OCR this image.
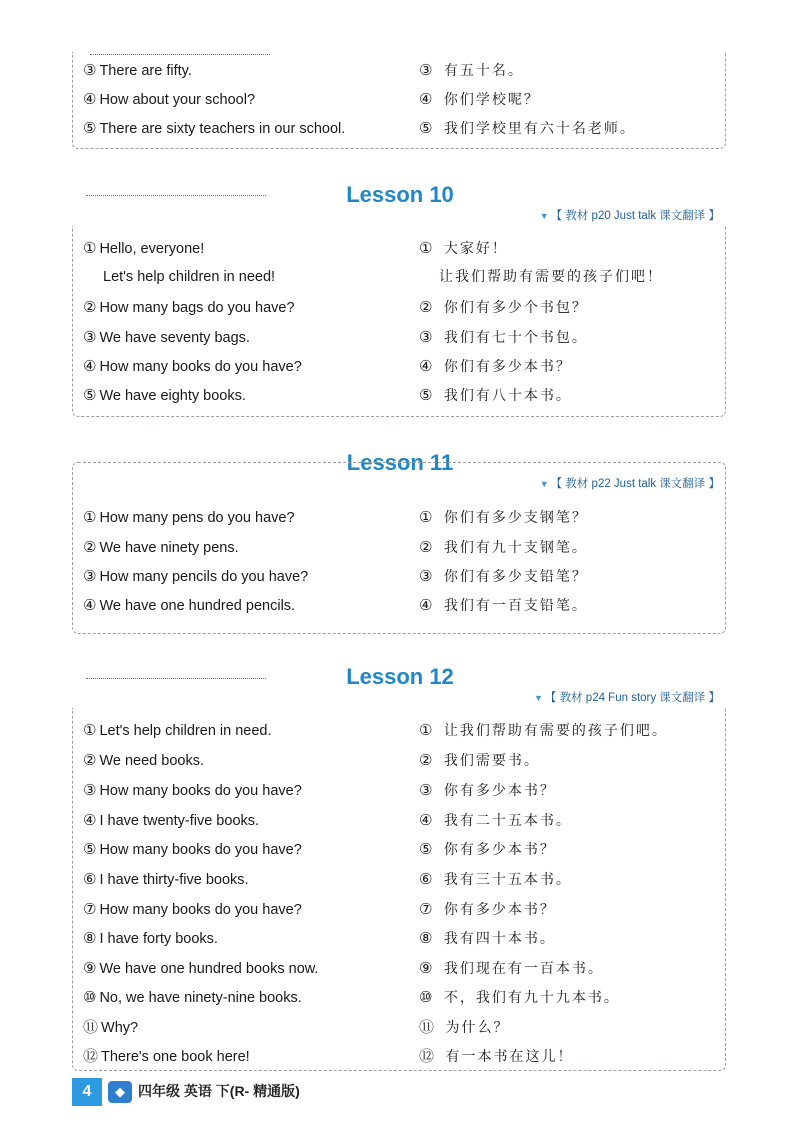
③ There are fifty.	③ 有五十名。
④ How about your school?	④ 你们学校呢？
⑤ There are sixty teachers in our school.	⑤ 我们学校里有六十名老师。
Lesson 10
▼ 【 教材 p20 Just talk 课文翻译 】
① Hello, everyone!	① 大家好！
Let's help children in need!	让我们帮助有需要的孩子们吧！
② How many bags do you have?	② 你们有多少个书包？
③ We have seventy bags.	③ 我们有七十个书包。
④ How many books do you have?	④ 你们有多少本书？
⑤ We have eighty books.	⑤ 我们有八十本书。
Lesson 11
▼ 【 教材 p22 Just talk 课文翻译 】
① How many pens do you have?	① 你们有多少支钢笔？
② We have ninety pens.	② 我们有九十支钢笔。
③ How many pencils do you have?	③ 你们有多少支铅笔？
④ We have one hundred pencils.	④ 我们有一百支铅笔。
Lesson 12
▼ 【 教材 p24 Fun story 课文翻译 】
① Let's help children in need.	① 让我们帮助有需要的孩子们吧。
② We need books.	② 我们需要书。
③ How many books do you have?	③ 你有多少本书？
④ I have twenty-five books.	④ 我有二十五本书。
⑤ How many books do you have?	⑤ 你有多少本书？
⑥ I have thirty-five books.	⑥ 我有三十五本书。
⑦ How many books do you have?	⑦ 你有多少本书？
⑧ I have forty books.	⑧ 我有四十本书。
⑨ We have one hundred books now.	⑨ 我们现在有一百本书。
⑩ No, we have ninety-nine books.	⑩ 不，我们有九十九本书。
⑪ Why?	⑪ 为什么？
⑫ There's one book here!	⑫ 有一本书在这儿！
4	◆ 四年级 英语 下(R- 精通版)
